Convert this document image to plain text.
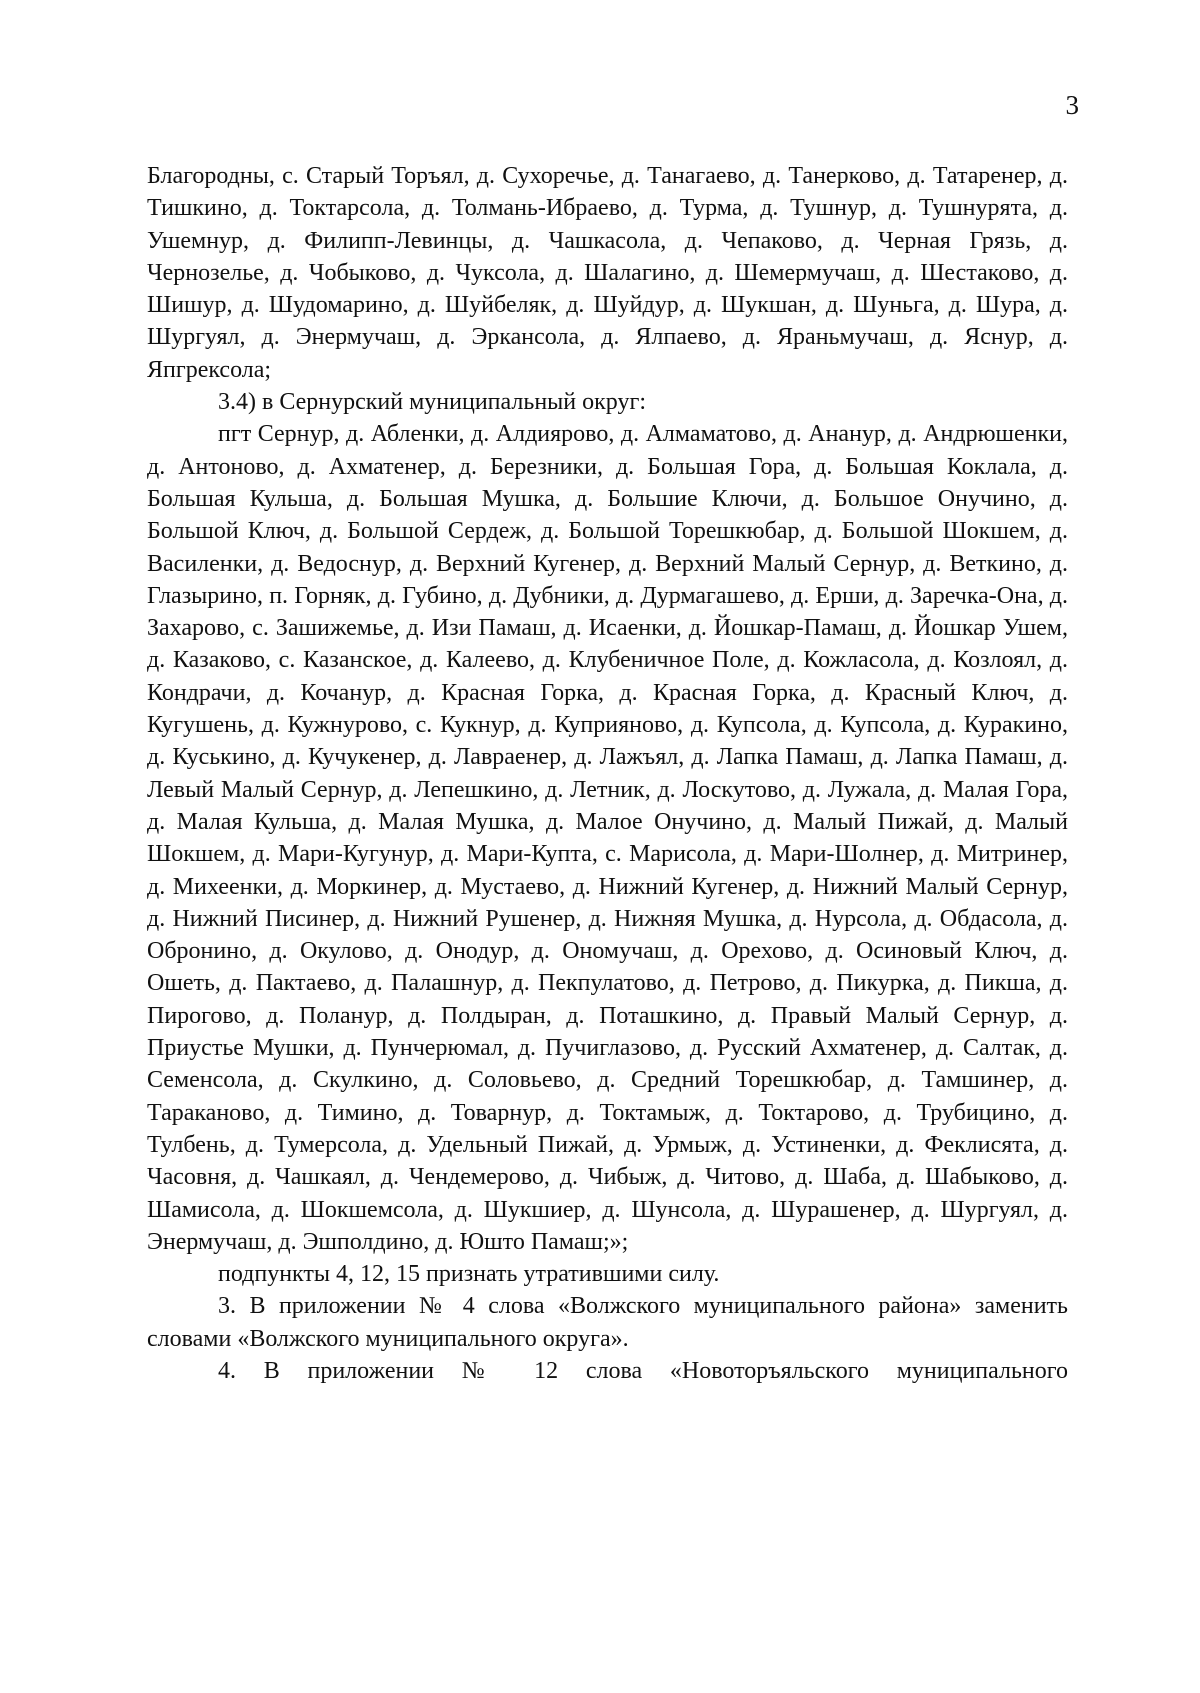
3

Благородны, с. Старый Торъял, д. Сухоречье, д. Танагаево, д. Танерково, д. Татаренер, д. Тишкино, д. Токтарсола, д. Толмань-Ибраево, д. Турма, д. Тушнур, д. Тушнурята, д. Ушемнур, д. Филипп-Левинцы, д. Чашкасола, д. Чепаково, д. Черная Грязь, д. Чернозелье, д. Чобыково, д. Чуксола, д. Шалагино, д. Шемермучаш, д. Шестаково, д. Шишур, д. Шудомарино, д. Шуйбеляк, д. Шуйдур, д. Шукшан, д. Шуньга, д. Шура, д. Шургуял, д. Энермучаш, д. Эркансола, д. Ялпаево, д. Яраньмучаш, д. Яснур, д. Япгрексола;

3.4) в Сернурский муниципальный округ:

пгт Сернур, д. Абленки, д. Алдиярово, д. Алмаматово, д. Ананур, д. Андрюшенки, д. Антоново, д. Ахматенер, д. Березники, д. Большая Гора, д. Большая Коклала, д. Большая Кульша, д. Большая Мушка, д. Большие Ключи, д. Большое Онучино, д. Большой Ключ, д. Большой Сердеж, д. Большой Торешкюбар, д. Большой Шокшем, д. Василенки, д. Ведоснур, д. Верхний Кугенер, д. Верхний Малый Сернур, д. Веткино, д. Глазырино, п. Горняк, д. Губино, д. Дубники, д. Дурмагашево, д. Ерши, д. Заречка-Она, д. Захарово, с. Зашижемье, д. Изи Памаш, д. Исаенки, д. Йошкар-Памаш, д. Йошкар Ушем, д. Казаково, с. Казанское, д. Калеево, д. Клубеничное Поле, д. Кожласола, д. Козлоял, д. Кондрачи, д. Кочанур, д. Красная Горка, д. Красная Горка, д. Красный Ключ, д. Кугушень, д. Кужнурово, с. Кукнур, д. Куприяново, д. Купсола, д. Купсола, д. Куракино, д. Куськино, д. Кучукенер, д. Лавраенер, д. Лажъял, д. Лапка Памаш, д. Лапка Памаш, д. Левый Малый Сернур, д. Лепешкино, д. Летник, д. Лоскутово, д. Лужала, д. Малая Гора, д. Малая Кульша, д. Малая Мушка, д. Малое Онучино, д. Малый Пижай, д. Малый Шокшем, д. Мари-Кугунур, д. Мари-Купта, с. Марисола, д. Мари-Шолнер, д. Митринер, д. Михеенки, д. Моркинер, д. Мустаево, д. Нижний Кугенер, д. Нижний Малый Сернур, д. Нижний Писинер, д. Нижний Рушенер, д. Нижняя Мушка, д. Нурсола, д. Обдасола, д. Обронино, д. Окулово, д. Онодур, д. Ономучаш, д. Орехово, д. Осиновый Ключ, д. Ошеть, д. Пактаево, д. Палашнур, д. Пекпулатово, д. Петрово, д. Пикурка, д. Пикша, д. Пирогово, д. Поланур, д. Полдыран, д. Поташкино, д. Правый Малый Сернур, д. Приустье Мушки, д. Пунчерюмал, д. Пучиглазово, д. Русский Ахматенер, д. Салтак, д. Семенсола, д. Скулкино, д. Соловьево, д. Средний Торешкюбар, д. Тамшинер, д. Тараканово, д. Тимино, д. Товарнур, д. Токтамыж, д. Токтарово, д. Трубицино, д. Тулбень, д. Тумерсола, д. Удельный Пижай, д. Урмыж, д. Устиненки, д. Феклисята, д. Часовня, д. Чашкаял, д. Чендемерово, д. Чибыж, д. Читово, д. Шаба, д. Шабыково, д. Шамисола, д. Шокшемсола, д. Шукшиер, д. Шунсола, д. Шурашенер, д. Шургуял, д. Энермучаш, д. Эшполдино, д. Юшто Памаш;»;

подпункты 4, 12, 15 признать утратившими силу.

3. В приложении № 4 слова «Волжского муниципального района» заменить словами «Волжского муниципального округа».

4. В приложении № 12 слова «Новоторъяльского муниципального
